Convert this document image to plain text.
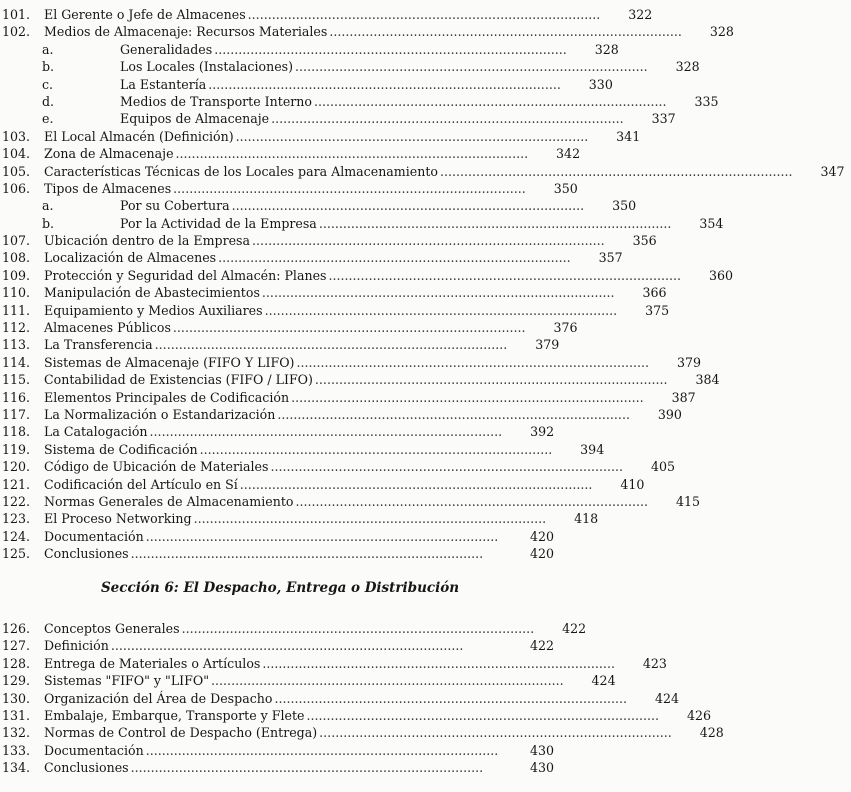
101.	El Gerente o Jefe de Almacenes . . .	322
102.	Medios de Almacenaje: Recursos Materiales . . .	328
a.	Generalidades . . .	328
b.	Los Locales (Instalaciones) . . .	328
c.	La Estantería . . .	330
d.	Medios de Transporte Interno . . .	335
e.	Equipos de Almacenaje . . .	337
103.	El Local Almacén (Definición) . . .	341
104.	Zona de Almacenaje . . .	342
105.	Características Técnicas de los Locales para Almacenamiento . . .	347
106.	Tipos de Almacenes . . .	350
a.	Por su Cobertura . . .	350
b.	Por la Actividad de la Empresa . . .	354
107.	Ubicación dentro de la Empresa . . .	356
108.	Localización de Almacenes . . .	357
109.	Protección y Seguridad del Almacén: Planes . . .	360
110.	Manipulación de Abastecimientos . . .	366
111.	Equipamiento y Medios Auxiliares . . .	375
112.	Almacenes Públicos . . .	376
113.	La Transferencia . . .	379
114.	Sistemas de Almacenaje (FIFO Y LIFO) . . .	379
115.	Contabilidad de Existencias (FIFO / LIFO) . . .	384
116.	Elementos Principales de Codificación . . .	387
117.	La Normalización o Estandarización . . .	390
118.	La Catalogación . . .	392
119.	Sistema de Codificación . . .	394
120.	Código de Ubicación de Materiales . . .	405
121.	Codificación del Artículo en Sí . . .	410
122.	Normas Generales de Almacenamiento . . .	415
123.	El Proceso Networking . . .	418
124.	Documentación . . .	420
125.	Conclusiones . . .	420
Sección 6: El Despacho, Entrega o Distribución
126.	Conceptos Generales . . .	422
127.	Definición . . .	422
128.	Entrega de Materiales o Artículos . . .	423
129.	Sistemas "FIFO" y "LIFO" . . .	424
130.	Organización del Área de Despacho . . .	424
131.	Embalaje, Embarque, Transporte y Flete . . .	426
132.	Normas de Control de Despacho (Entrega) . . .	428
133.	Documentación . . .	430
134.	Conclusiones . . .	430
